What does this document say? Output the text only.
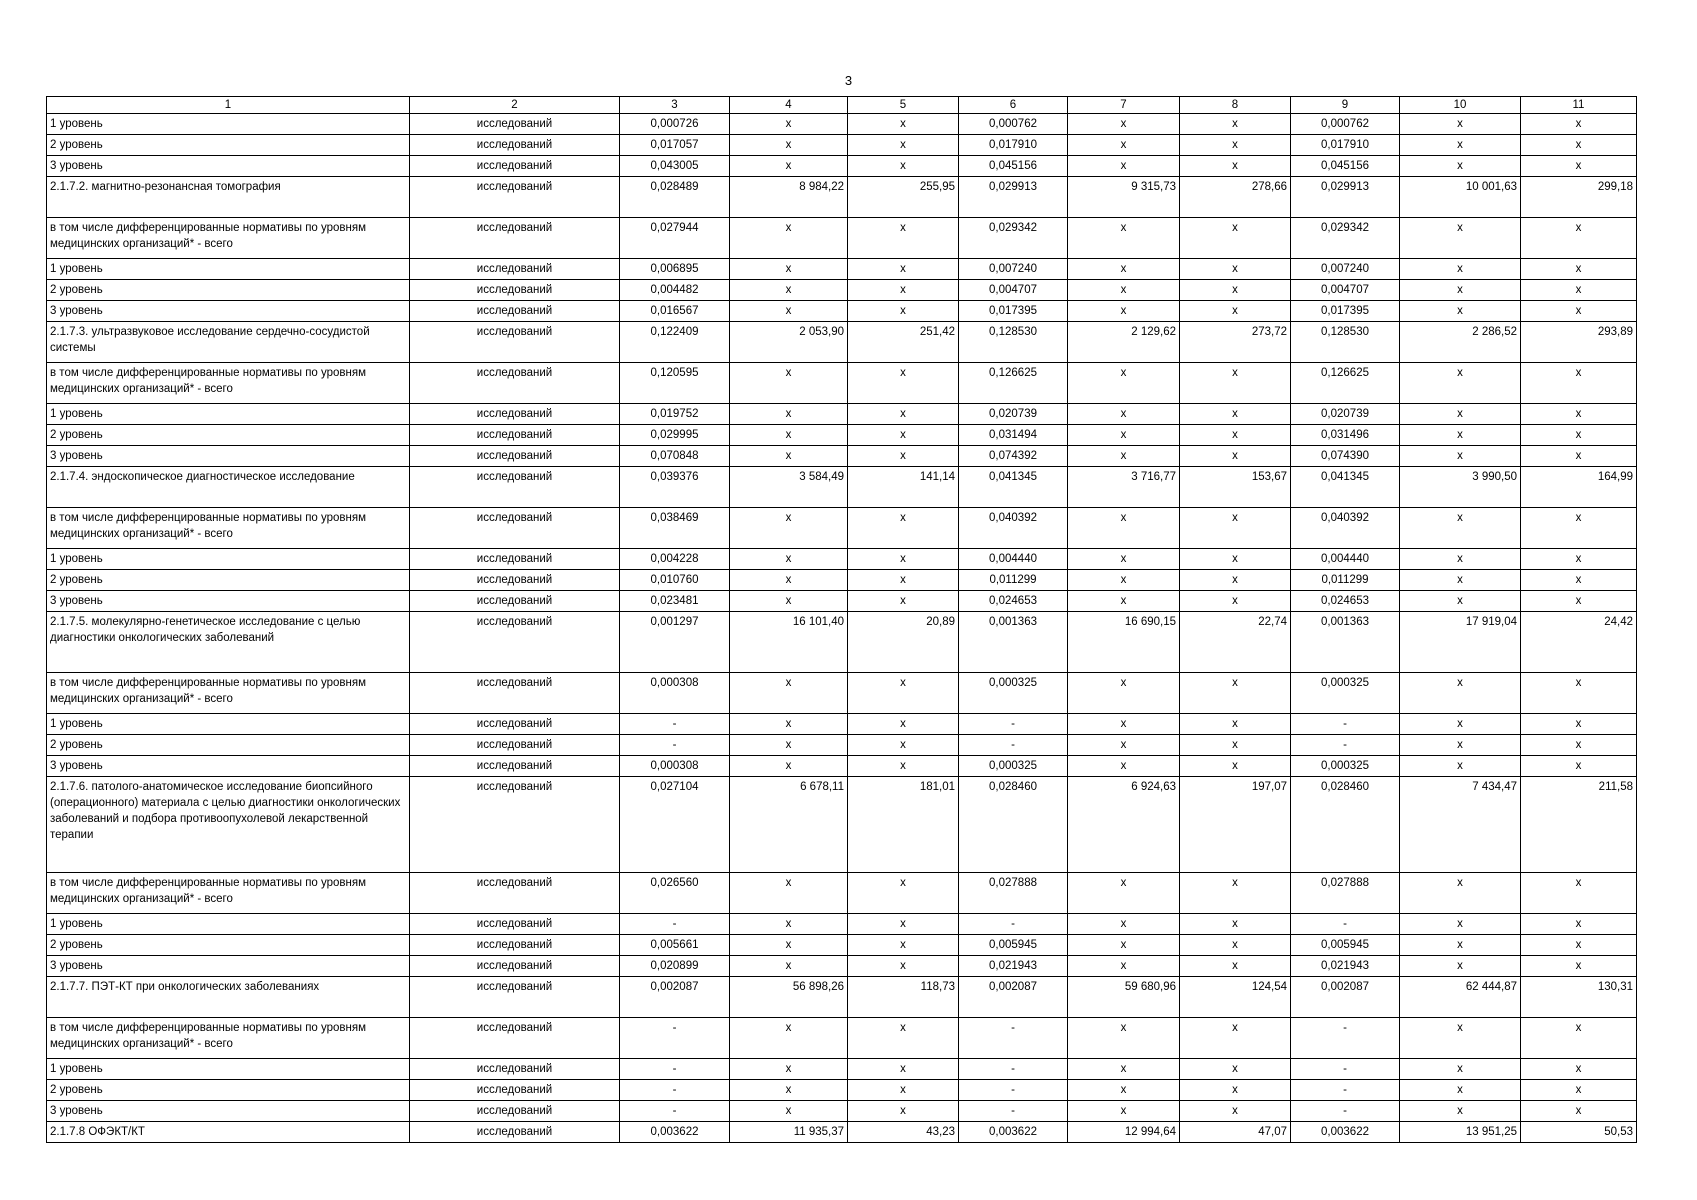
3
1	2	3	4	5	6	7	8	9	10	11
1 уровень	исследований	0,000726	x	x	0,000762	x	x	0,000762	x	x
2 уровень	исследований	0,017057	x	x	0,017910	x	x	0,017910	x	x
3 уровень	исследований	0,043005	x	x	0,045156	x	x	0,045156	x	x
2.1.7.2. магнитно-резонансная томография	исследований	0,028489	8 984,22	255,95	0,029913	9 315,73	278,66	0,029913	10 001,63	299,18
в том числе дифференцированные нормативы по уровням медицинских организаций* - всего	исследований	0,027944	x	x	0,029342	x	x	0,029342	x	x
1 уровень	исследований	0,006895	x	x	0,007240	x	x	0,007240	x	x
2 уровень	исследований	0,004482	x	x	0,004707	x	x	0,004707	x	x
3 уровень	исследований	0,016567	x	x	0,017395	x	x	0,017395	x	x
2.1.7.3. ультразвуковое исследование сердечно-сосудистой системы	исследований	0,122409	2 053,90	251,42	0,128530	2 129,62	273,72	0,128530	2 286,52	293,89
в том числе дифференцированные нормативы по уровням медицинских организаций* - всего	исследований	0,120595	x	x	0,126625	x	x	0,126625	x	x
1 уровень	исследований	0,019752	x	x	0,020739	x	x	0,020739	x	x
2 уровень	исследований	0,029995	x	x	0,031494	x	x	0,031496	x	x
3 уровень	исследований	0,070848	x	x	0,074392	x	x	0,074390	x	x
2.1.7.4. эндоскопическое диагностическое исследование	исследований	0,039376	3 584,49	141,14	0,041345	3 716,77	153,67	0,041345	3 990,50	164,99
в том числе дифференцированные нормативы по уровням медицинских организаций* - всего	исследований	0,038469	x	x	0,040392	x	x	0,040392	x	x
1 уровень	исследований	0,004228	x	x	0,004440	x	x	0,004440	x	x
2 уровень	исследований	0,010760	x	x	0,011299	x	x	0,011299	x	x
3 уровень	исследований	0,023481	x	x	0,024653	x	x	0,024653	x	x
2.1.7.5. молекулярно-генетическое исследование с целью диагностики онкологических заболеваний	исследований	0,001297	16 101,40	20,89	0,001363	16 690,15	22,74	0,001363	17 919,04	24,42
в том числе дифференцированные нормативы по уровням медицинских организаций* - всего	исследований	0,000308	x	x	0,000325	x	x	0,000325	x	x
1 уровень	исследований	-	x	x	-	x	x	-	x	x
2 уровень	исследований	-	x	x	-	x	x	-	x	x
3 уровень	исследований	0,000308	x	x	0,000325	x	x	0,000325	x	x
2.1.7.6. патолого-анатомическое исследование биопсийного (операционного) материала с целью диагностики онкологических заболеваний и подбора противоопухолевой лекарственной терапии	исследований	0,027104	6 678,11	181,01	0,028460	6 924,63	197,07	0,028460	7 434,47	211,58
в том числе дифференцированные нормативы по уровням медицинских организаций* - всего	исследований	0,026560	x	x	0,027888	x	x	0,027888	x	x
1 уровень	исследований	-	x	x	-	x	x	-	x	x
2 уровень	исследований	0,005661	x	x	0,005945	x	x	0,005945	x	x
3 уровень	исследований	0,020899	x	x	0,021943	x	x	0,021943	x	x
2.1.7.7. ПЭТ-КТ при онкологических заболеваниях	исследований	0,002087	56 898,26	118,73	0,002087	59 680,96	124,54	0,002087	62 444,87	130,31
в том числе дифференцированные нормативы по уровням медицинских организаций* - всего	исследований	-	x	x	-	x	x	-	x	x
1 уровень	исследований	-	x	x	-	x	x	-	x	x
2 уровень	исследований	-	x	x	-	x	x	-	x	x
3 уровень	исследований	-	x	x	-	x	x	-	x	x
2.1.7.8 ОФЭКТ/КТ	исследований	0,003622	11 935,37	43,23	0,003622	12 994,64	47,07	0,003622	13 951,25	50,53
